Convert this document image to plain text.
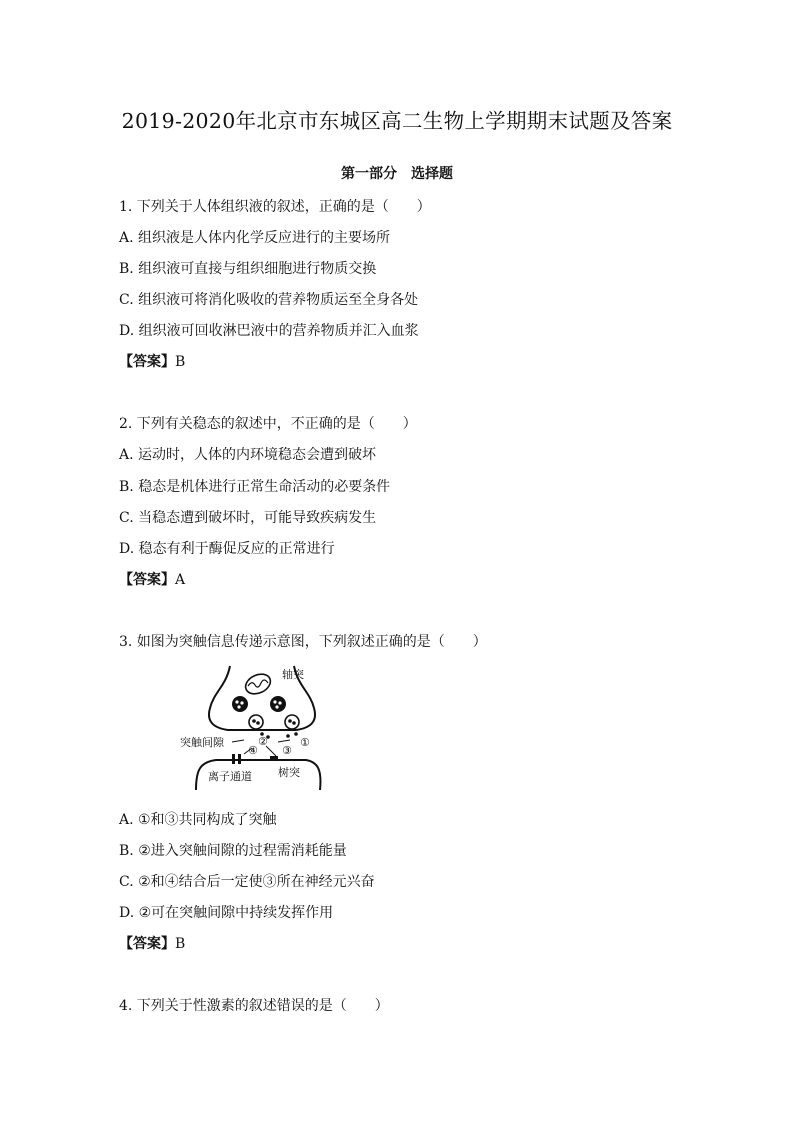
2019-2020年北京市东城区高二生物上学期期末试题及答案
第一部分　选择题
1. 下列关于人体组织液的叙述，正确的是（　　）
A. 组织液是人体内化学反应进行的主要场所
B. 组织液可直接与组织细胞进行物质交换
C. 组织液可将消化吸收的营养物质运至全身各处
D. 组织液可回收淋巴液中的营养物质并汇入血浆
【答案】B
2. 下列有关稳态的叙述中，不正确的是（　　）
A. 运动时，人体的内环境稳态会遭到破坏
B. 稳态是机体进行正常生命活动的必要条件
C. 当稳态遭到破坏时，可能导致疾病发生
D. 稳态有利于酶促反应的正常进行
【答案】A
3. 如图为突触信息传递示意图，下列叙述正确的是（　　）
轴突
突触间隙	②	①
④ ③
离子通道 树突
A. ①和③共同构成了突触
B. ②进入突触间隙的过程需消耗能量
C. ②和④结合后一定使③所在神经元兴奋
D. ②可在突触间隙中持续发挥作用
【答案】B
4. 下列关于性激素的叙述错误的是（　　）
